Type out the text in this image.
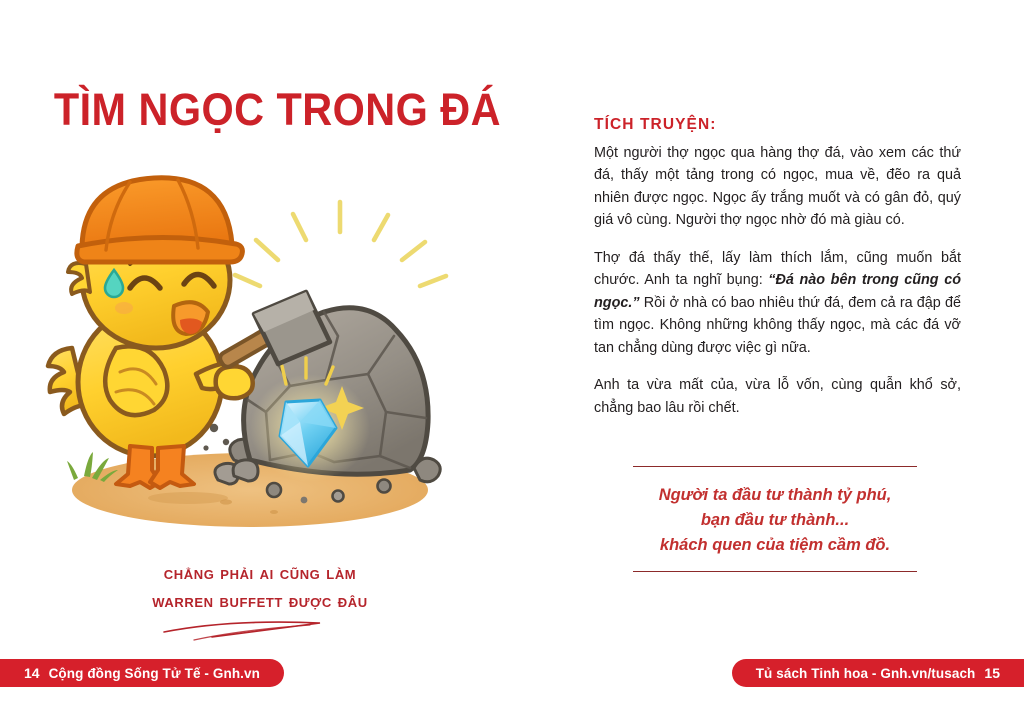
TÌM NGỌC TRONG ĐÁ
chẳng phải ai cũng làm
warren buffett được đâu
TÍCH TRUYỆN:

Một người thợ ngọc qua hàng thợ đá, vào xem các thứ đá, thấy một tảng trong có ngọc, mua về, đẽo ra quả nhiên được ngọc. Ngọc ấy trắng muốt và có gân đỏ, quý giá vô cùng. Người thợ ngọc nhờ đó mà giàu có.

Thợ đá thấy thế, lấy làm thích lắm, cũng muốn bắt chước. Anh ta nghĩ bụng: “Đá nào bên trong cũng có ngọc.” Rồi ở nhà có bao nhiêu thứ đá, đem cả ra đập để tìm ngọc. Không những không thấy ngọc, mà các đá vỡ tan chẳng dùng được việc gì nữa.

Anh ta vừa mất của, vừa lỗ vốn, cùng quẫn khổ sở, chẳng bao lâu rồi chết.

Người ta đầu tư thành tỷ phú,
bạn đầu tư thành...
khách quen của tiệm cầm đồ.
14 Cộng đồng Sống Tử Tế - Gnh.vn	Tủ sách Tinh hoa - Gnh.vn/tusach 15
